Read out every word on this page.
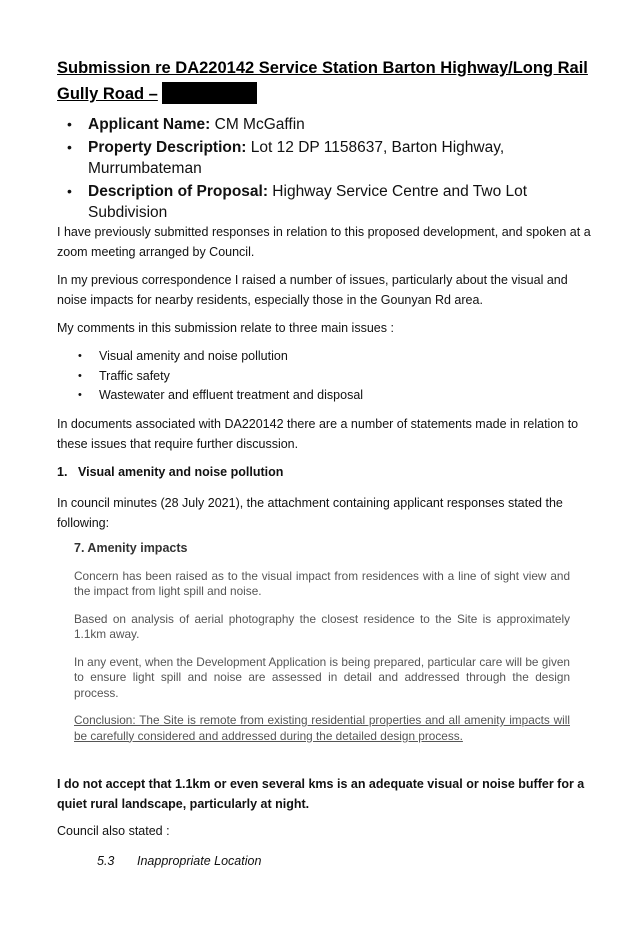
Submission re DA220142 Service Station Barton Highway/Long Rail Gully Road –
• Applicant Name: CM McGaffin
• Property Description: Lot 12 DP 1158637, Barton Highway, Murrumbateman
• Description of Proposal: Highway Service Centre and Two Lot Subdivision

I have previously submitted responses in relation to this proposed development, and spoken at a zoom meeting arranged by Council.

In my previous correspondence I raised a number of issues, particularly about the visual and noise impacts for nearby residents, especially those in the Gounyan Rd area.

My comments in this submission relate to three main issues :

• Visual amenity and noise pollution
• Traffic safety
• Wastewater and effluent treatment and disposal

In documents associated with DA220142 there are a number of statements made in relation to these issues that require further discussion.

1. Visual amenity and noise pollution

In council minutes (28 July 2021), the attachment containing applicant responses stated the following:

7. Amenity impacts

Concern has been raised as to the visual impact from residences with a line of sight view and the impact from light spill and noise.

Based on analysis of aerial photography the closest residence to the Site is approximately 1.1km away.

In any event, when the Development Application is being prepared, particular care will be given to ensure light spill and noise are assessed in detail and addressed through the design process.

Conclusion: The Site is remote from existing residential properties and all amenity impacts will be carefully considered and addressed during the detailed design process.

I do not accept that 1.1km or even several kms is an adequate visual or noise buffer for a quiet rural landscape, particularly at night.

Council also stated :

5.3 Inappropriate Location
